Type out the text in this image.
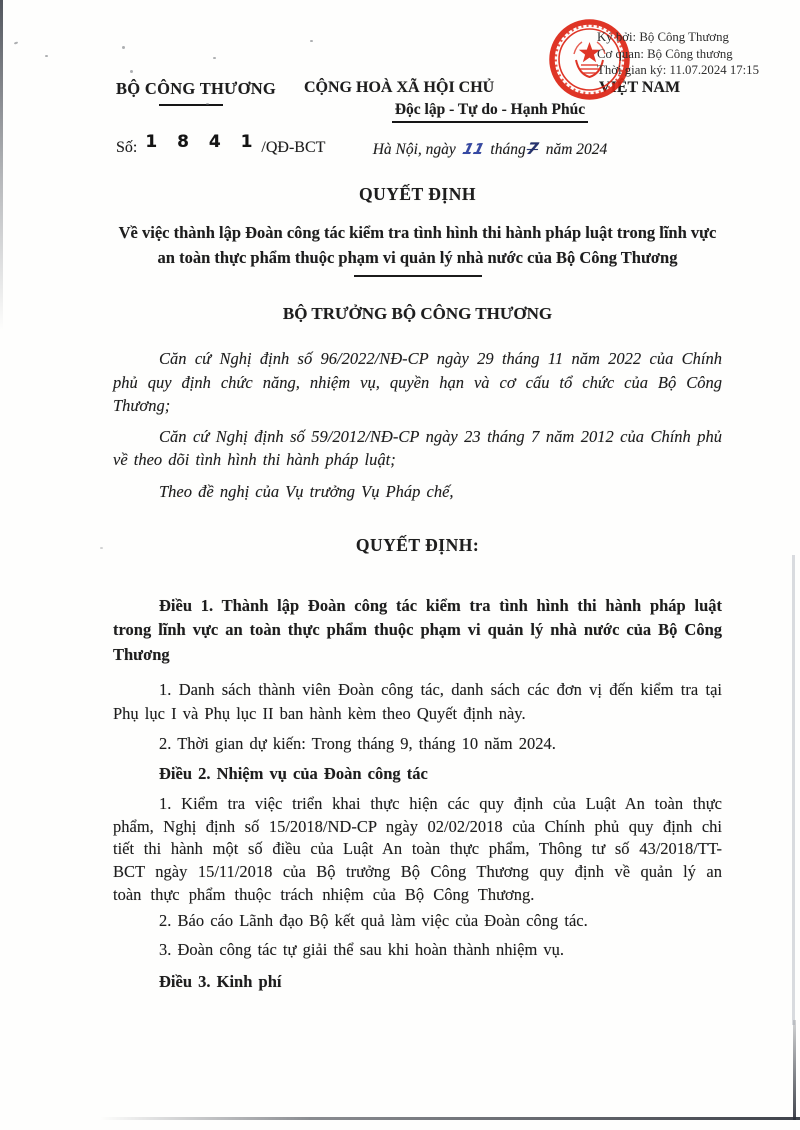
BỘ CÔNG THƯƠNG CỘNG HOÀ XÃ HỘI CHỦ	VIỆT NAM
Độc lập - Tự do - Hạnh Phúc
Số: 1 8 4 1 /QĐ-BCT	Hà Nội, ngày 11 tháng7 năm 2024
Ký bởi: Bộ Công Thương
Cơ quan: Bộ Công thương
Thời gian ký: 11.07.2024 17:15
QUYẾT ĐỊNH
Về việc thành lập Đoàn công tác kiểm tra tình hình thi hành pháp luật trong lĩnh vực an toàn thực phẩm thuộc phạm vi quản lý nhà nước của Bộ Công Thương
BỘ TRƯỞNG BỘ CÔNG THƯƠNG

Căn cứ Nghị định số 96/2022/NĐ-CP ngày 29 tháng 11 năm 2022 của Chính phủ quy định chức năng, nhiệm vụ, quyền hạn và cơ cấu tổ chức của Bộ Công Thương;

Căn cứ Nghị định số 59/2012/NĐ-CP ngày 23 tháng 7 năm 2012 của Chính phủ về theo dõi tình hình thi hành pháp luật;

Theo đề nghị của Vụ trưởng Vụ Pháp chế,

QUYẾT ĐỊNH:

Điều 1. Thành lập Đoàn công tác kiểm tra tình hình thi hành pháp luật trong lĩnh vực an toàn thực phẩm thuộc phạm vi quản lý nhà nước của Bộ Công Thương

1. Danh sách thành viên Đoàn công tác, danh sách các đơn vị đến kiểm tra tại Phụ lục I và Phụ lục II ban hành kèm theo Quyết định này.

2. Thời gian dự kiến: Trong tháng 9, tháng 10 năm 2024.

Điều 2. Nhiệm vụ của Đoàn công tác

1. Kiểm tra việc triển khai thực hiện các quy định của Luật An toàn thực phẩm, Nghị định số 15/2018/ND-CP ngày 02/02/2018 của Chính phủ quy định chi tiết thi hành một số điều của Luật An toàn thực phẩm, Thông tư số 43/2018/TT-BCT ngày 15/11/2018 của Bộ trưởng Bộ Công Thương quy định về quản lý an toàn thực phẩm thuộc trách nhiệm của Bộ Công Thương.

2. Báo cáo Lãnh đạo Bộ kết quả làm việc của Đoàn công tác.

3. Đoàn công tác tự giải thể sau khi hoàn thành nhiệm vụ.

Điều 3. Kinh phí
